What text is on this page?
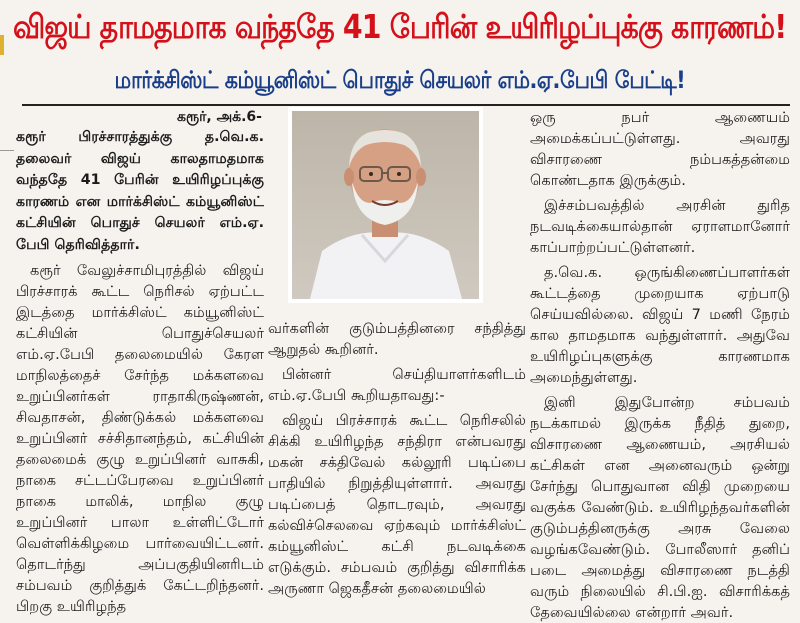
விஜய் தாமதமாக வந்ததே 41 பேரின் உயிரிழப்புக்கு காரணம்!
மார்க்சிஸ்ட் கம்யூனிஸ்ட் பொதுச் செயலர் எம்.ஏ.பேபி பேட்டி!

கரூர், அக்.6-

கரூர் பிரச்சாரத்துக்கு த.வெ.க. தலைவர் விஜய் காலதாமதமாக வந்ததே 41 பேரின் உயிரிழப்புக்கு காரணம் என மார்க்சிஸ்ட் கம்யூனிஸ்ட் கட்சியின் பொதுச் செயலர் எம்.ஏ. பேபி தெரிவித்தார்.

கரூர் வேலுச்சாமிபுரத்தில் விஜய் பிரச்சாரக் கூட்ட நெரிசல் ஏற்பட்ட இடத்தை மார்க்சிஸ்ட் கம்யூனிஸ்ட் கட்சியின் பொதுச்செயலர் எம்.ஏ.பேபி தலைமையில் கேரள மாநிலத்தைச் சேர்ந்த மக்களவை உறுப்பினர்கள் ராதாகிருஷ்ணன், சிவதாசன், திண்டுக்கல் மக்களவை உறுப்பினர் சச்சிதானந்தம், கட்சியின் தலைமைக் குழு உறுப்பினர் வாசுகி, நாகை சட்டப்பேரவை உறுப்பினர் நாகை மாலிக், மாநில குழு உறுப்பினர் பாலா உள்ளிட்டோர் வெள்ளிக்கிழமை பார்வையிட்டனர். தொடர்ந்து அப்பகுதியினரிடம் சம்பவம் குறித்துக் கேட்டறிந்தனர். பிறகு உயிரிழந்த

வர்களின் குடும்பத்தினரை சந்தித்து ஆறுதல் கூறினர்.

பின்னர் செய்தியாளர்களிடம் எம்.ஏ.பேபி கூறியதாவது:-

விஜய் பிரச்சாரக் கூட்ட நெரிசலில் சிக்கி உயிரிழந்த சந்திரா என்பவரது மகன் சக்திவேல் கல்லூரி படிப்பை பாதியில் நிறுத்தியுள்ளார். அவரது படிப்பைத் தொடரவும், அவரது கல்விச்செலவை ஏற்கவும் மார்க்சிஸ்ட் கம்யூனிஸ்ட் கட்சி நடவடிக்கை எடுக்கும். சம்பவம் குறித்து விசாரிக்க அருணா ஜெகதீசன் தலைமையில்

ஒரு நபர் ஆணையம் அமைக்கப்பட்டுள்ளது. அவரது விசாரணை நம்பகத்தன்மை கொண்டதாக இருக்கும்.

இச்சம்பவத்தில் அரசின் துரித நடவடிக்கையால்தான் ஏராளமானோர் காப்பாற்றப்பட்டுள்ளனர்.

த.வெ.க. ஒருங்கிணைப்பாளர்கள் கூட்டத்தை முறையாக ஏற்பாடு செய்யவில்லை. விஜய் 7 மணி நேரம் கால தாமதமாக வந்துள்ளார். அதுவே உயிரிழப்புகளுக்கு காரணமாக அமைந்துள்ளது.

இனி இதுபோன்ற சம்பவம் நடக்காமல் இருக்க நீதித் துறை, விசாரணை ஆணையம், அரசியல் கட்சிகள் என அனைவரும் ஒன்று சேர்ந்து பொதுவான விதி முறையை வகுக்க வேண்டும். உயிரிழந்தவர்களின் குடும்பத்தினருக்கு அரசு வேலை வழங்கவேண்டும். போலீஸார் தனிப் படை அமைத்து விசாரணை நடத்தி வரும் நிலையில் சி.பி.ஐ. விசாரிக்கத் தேவையில்லை என்றார் அவர்.
